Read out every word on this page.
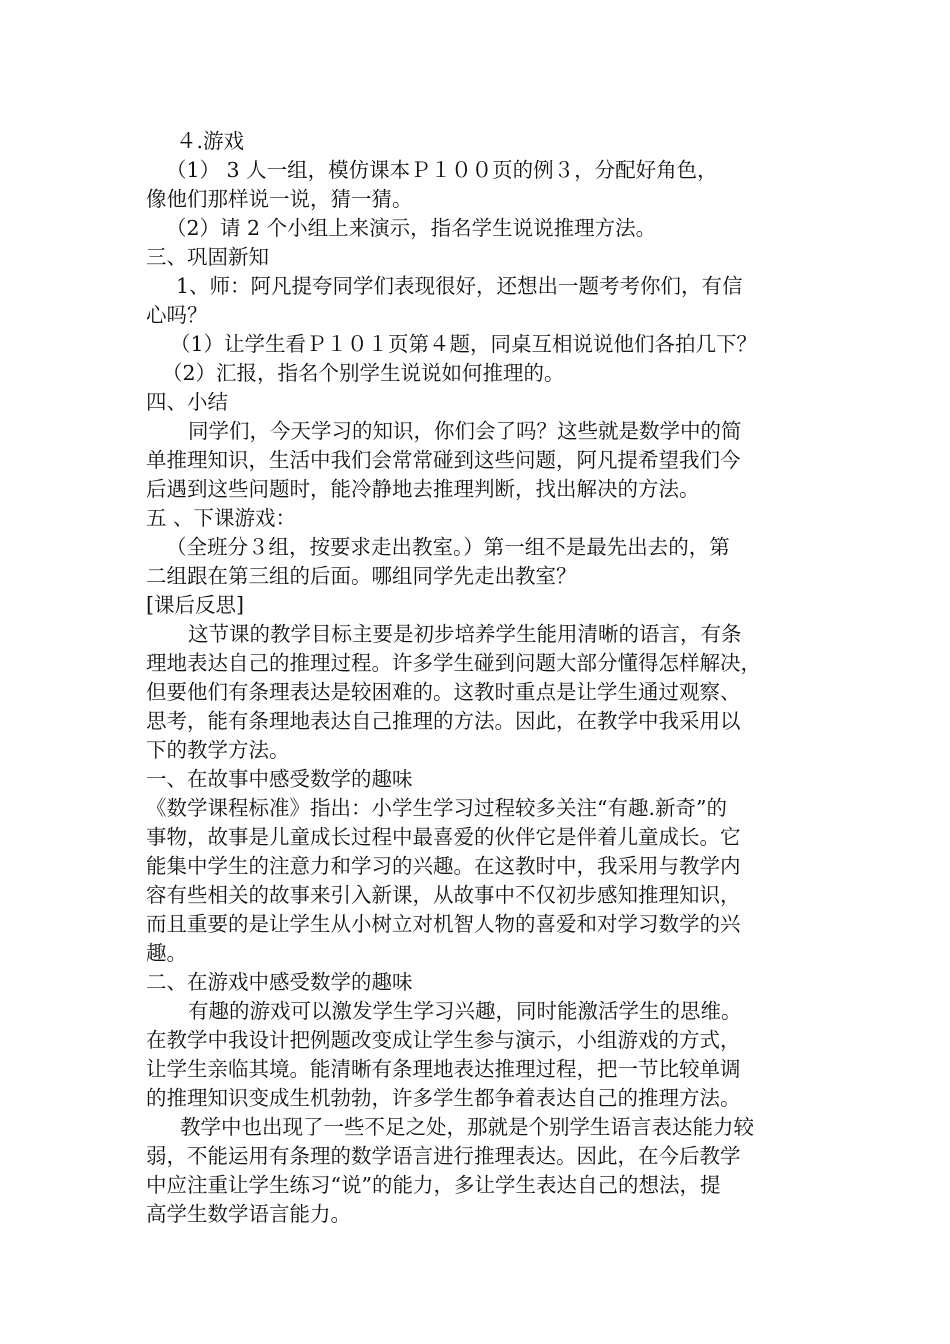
４.游戏
（1） 3 人一组，模仿课本Ｐ１００页的例３，分配好角色，
像他们那样说一说，猜一猜。
（2）请 2 个小组上来演示，指名学生说说推理方法。
三、巩固新知
1、师：阿凡提夸同学们表现很好，还想出一题考考你们，有信
心吗？
（1）让学生看Ｐ１０１页第４题，同桌互相说说他们各拍几下？
（2）汇报，指名个别学生说说如何推理的。
四、小结
同学们，今天学习的知识，你们会了吗？这些就是数学中的简
单推理知识，生活中我们会常常碰到这些问题，阿凡提希望我们今
后遇到这些问题时，能冷静地去推理判断，找出解决的方法。
五 、下课游戏：
（全班分３组，按要求走出教室。）第一组不是最先出去的，第
二组跟在第三组的后面。哪组同学先走出教室？
[课后反思]
这节课的教学目标主要是初步培养学生能用清晰的语言，有条
理地表达自己的推理过程。许多学生碰到问题大部分懂得怎样解决，
但要他们有条理表达是较困难的。这教时重点是让学生通过观察、
思考，能有条理地表达自己推理的方法。因此，在教学中我采用以
下的教学方法。
一、在故事中感受数学的趣味
《数学课程标准》指出：小学生学习过程较多关注“有趣.新奇”的
事物，故事是儿童成长过程中最喜爱的伙伴它是伴着儿童成长。它
能集中学生的注意力和学习的兴趣。在这教时中，我采用与教学内
容有些相关的故事来引入新课，从故事中不仅初步感知推理知识，
而且重要的是让学生从小树立对机智人物的喜爱和对学习数学的兴
趣。
二、在游戏中感受数学的趣味
有趣的游戏可以激发学生学习兴趣，同时能激活学生的思维。
在教学中我设计把例题改变成让学生参与演示，小组游戏的方式，
让学生亲临其境。能清晰有条理地表达推理过程，把一节比较单调
的推理知识变成生机勃勃，许多学生都争着表达自己的推理方法。
教学中也出现了一些不足之处，那就是个别学生语言表达能力较
弱，不能运用有条理的数学语言进行推理表达。因此，在今后教学
中应注重让学生练习“说”的能力，多让学生表达自己的想法，提
高学生数学语言能力。
